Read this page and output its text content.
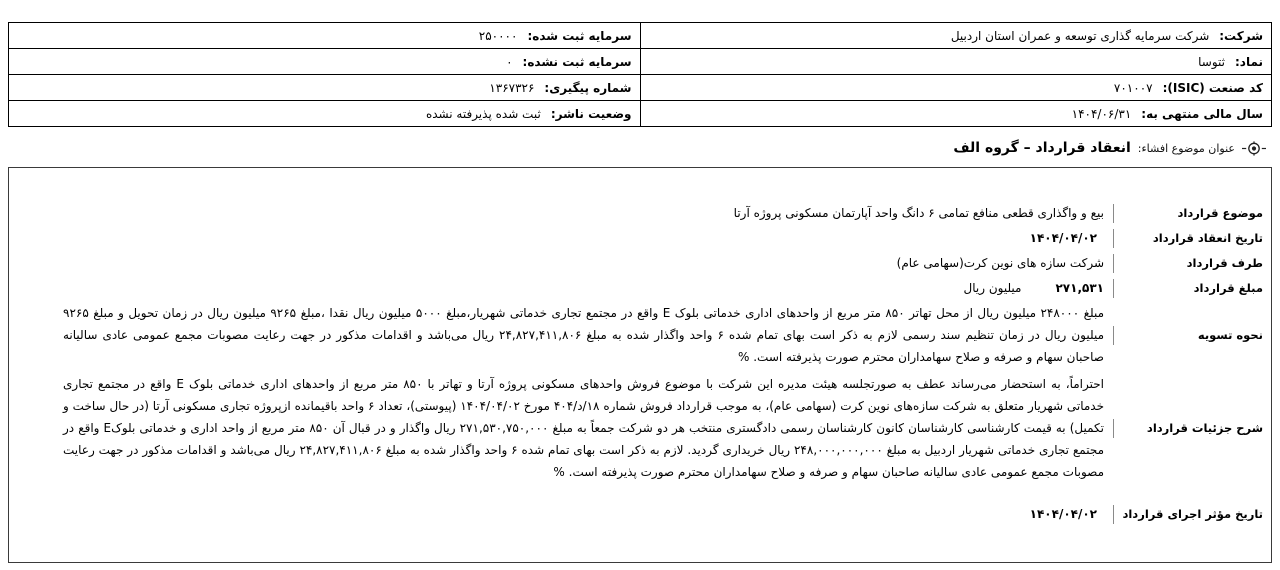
شرکت:شرکت سرمایه گذاری توسعه و عمران استان اردبیل	سرمایه ثبت شده:۲۵۰۰۰۰
نماد:ثتوسا	سرمایه ثبت نشده:۰
کد صنعت (ISIC):۷۰۱۰۰۷	شماره پیگیری:۱۳۶۷۳۲۶
سال مالی منتهی به:۱۴۰۴/۰۶/۳۱	وضعیت ناشر:ثبت شده پذیرفته نشده
عنوان موضوع افشاء:
انعقاد قرارداد – گروه الف
موضوع قرارداد
بیع و واگذاری قطعی منافع تمامی ۶ دانگ واحد آپارتمان مسکونی پروژه آرتا
تاریخ انعقاد قرارداد
۱۴۰۴/۰۴/۰۲
طرف قرارداد
شرکت سازه های نوین کرت(سهامی عام)
مبلغ قرارداد
۲۷۱,۵۳۱میلیون ریال
نحوه تسویه
مبلغ ۲۴۸۰۰۰ میلیون ریال از محل تهاتر ۸۵۰ متر مربع از واحدهای اداری خدماتی بلوک E واقع در مجتمع تجاری خدماتی شهریار،مبلغ ۵۰۰۰ میلیون ریال نقدا ،مبلغ ۹۲۶۵ میلیون ریال در زمان تحویل و مبلغ ۹۲۶۵ میلیون ریال در زمان تنظیم سند رسمی لازم به ذکر است بهای تمام شده ۶ واحد واگذار شده به مبلغ ۲۴,۸۲۷,۴۱۱,۸۰۶ ریال می‌باشد و اقدامات مذکور در جهت رعایت مصوبات مجمع عمومی عادی سالیانه صاحبان سهام و صرفه و صلاح سهامداران محترم صورت پذیرفته است. %
شرح جزئیات قرارداد
احتراماً، به استحضار می‌رساند عطف به صورتجلسه هیئت مدیره این شرکت با موضوع فروش واحدهای مسکونی پروژه آرتا و تهاتر با ۸۵۰ متر مربع از واحدهای اداری خدماتی بلوک E واقع در مجتمع تجاری خدماتی شهریار متعلق به شرکت سازه‌های نوین کرت (سهامی عام)، به موجب قرارداد فروش شماره ۱۸/د/۴۰۴ مورخ ۱۴۰۴/۰۴/۰۲ (پیوستی)، تعداد ۶ واحد باقیمانده ازپروژه تجاری مسکونی آرتا (در حال ساخت و تکمیل) به قیمت کارشناسی کارشناسان کانون کارشناسان رسمی دادگستری منتخب هر دو شرکت جمعاً به مبلغ ۲۷۱,۵۳۰,۷۵۰,۰۰۰ ریال واگذار و در قبال آن ۸۵۰ متر مربع از واحد اداری و خدماتی بلوکE واقع در مجتمع تجاری خدماتی شهریار اردبیل به مبلغ ۲۴۸,۰۰۰,۰۰۰,۰۰۰ ریال خریداری گردید. لازم به ذکر است بهای تمام شده ۶ واحد واگذار شده به مبلغ ۲۴,۸۲۷,۴۱۱,۸۰۶ ریال می‌باشد و اقدامات مذکور در جهت رعایت مصوبات مجمع عمومی عادی سالیانه صاحبان سهام و صرفه و صلاح سهامداران محترم صورت پذیرفته است. %
تاریخ مؤثر اجرای قرارداد
۱۴۰۴/۰۴/۰۲
